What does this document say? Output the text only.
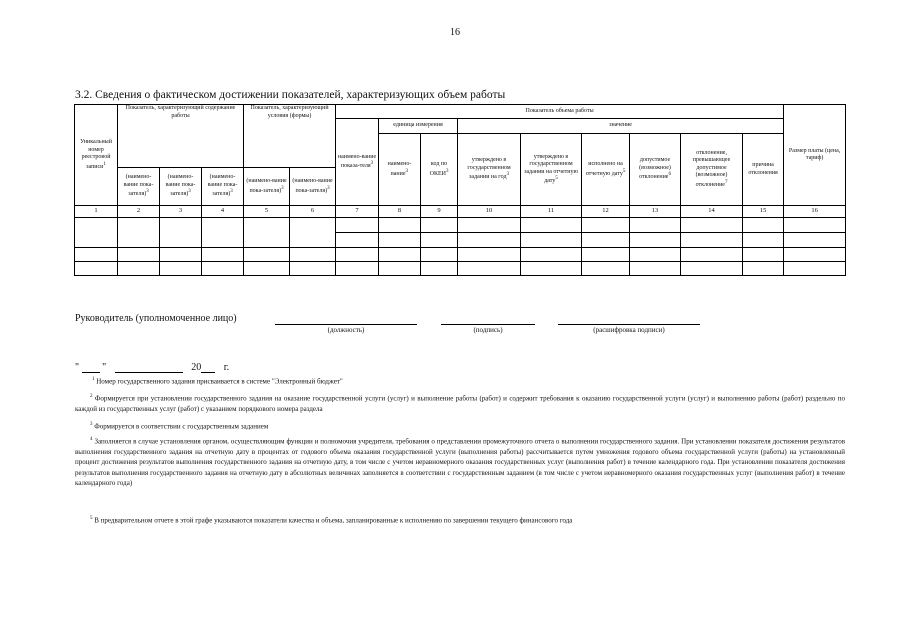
16
3.2. Сведения о фактическом достижении показателей, характеризующих объем работы
Уникальный номер реестровой записи$^1$	Показатель, характеризующий содержание работы			Показатель, характеризующий условия (формы)		Показатель объема работы									Размер платы (цена, тариф)
						наимено-вание показа-теля$^3$	единица измерения		значение						
							наимено-вание$^3$	код по ОКЕИ$^3$	утверждено в государственном задании на год$^3$	утверждено в государственном задании на отчетную дату$^5$	исполнено на отчетную дату$^5$	допустимое (возможное) отклонение$^6$	отклонение, превышающее допустимое (возможное) отклонение$^7$	причина отклонения	
	(наимено-вание пока-зателя)$^3$	(наимено-вание пока-зателя)$^3$	(наимено-вание пока-зателя)$^3$	(наимено-вание пока-зателя)$^3$	(наимено-вание пока-зателя)$^3$
1	2	3	4	5	6	7	8	9	10	11	12	13	14	15	16

Руководитель (уполномоченное лицо)
(должность)	(подпись)	(расшифровка подписи)
" "	20 г.
$^1$ Номер государственного задания присваивается в системе "Электронный бюджет"
$^2$ Формируется при установлении государственного задания на оказание государственной услуги (услуг) и выполнение работы (работ) и содержит требования к оказанию государственной услуги (услуг) и выполнению работы (работ) раздельно по каждой из государственных услуг (работ) с указанием порядкового номера раздела
$^3$ Формируется в соответствии с государственным заданием
$^4$ Заполняется в случае установления органом, осуществляющим функции и полномочия учредителя, требования о представлении промежуточного отчета о выполнении государственного задания. При установлении показателя достижения результатов выполнения государственного задания на отчетную дату в процентах от годового объема оказания государственной услуги (выполнения работы) рассчитывается путем умножения годового объема государственной услуги (работы) на установленный процент достижения результатов выполнения государственного задания на отчетную дату, в том числе с учетом неравномерного оказания государственных услуг (выполнения работ) в течение календарного года. При установлении показателя достижения результатов выполнения государственного задания на отчетную дату в абсолютных величинах заполняется в соответствии с государственным заданием (в том числе с учетом неравномерного оказания государственных услуг (выполнения работ) в течение календарного года)
$^5$ В предварительном отчете в этой графе указываются показатели качества и объема, запланированные к исполнению по завершении текущего финансового года
